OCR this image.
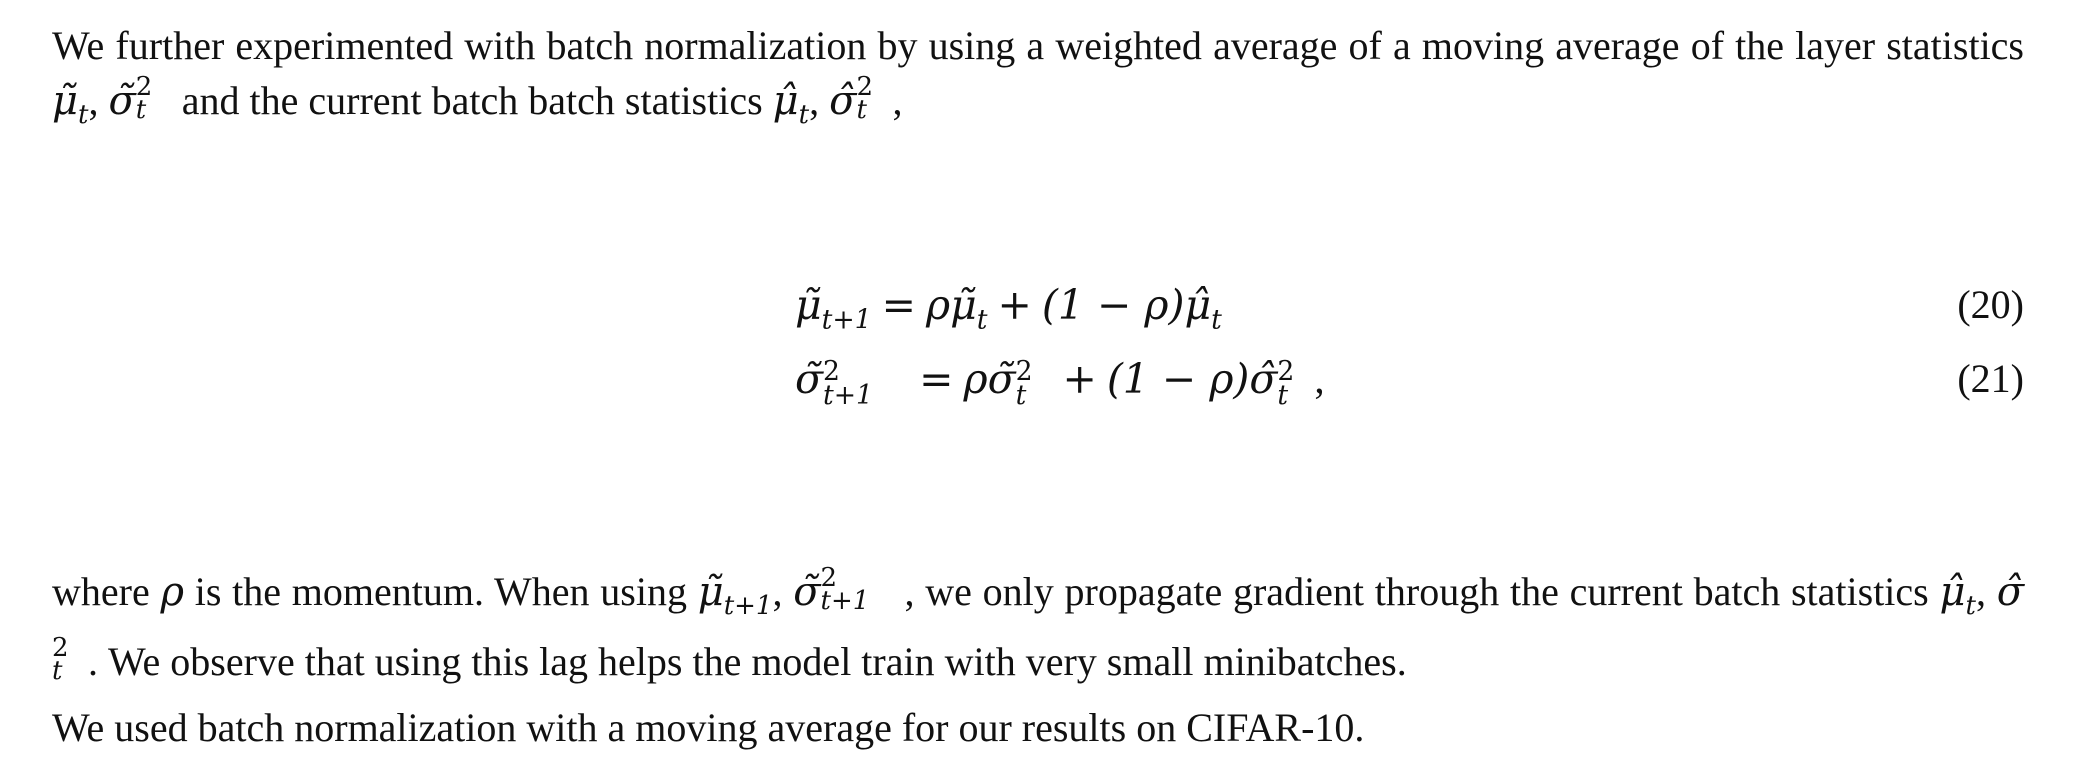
We further experimented with batch normalization by using a weighted average of a moving average of the layer statistics $\mũ_t$, σ̃ 2
t and the current batch batch statistics $\mû_t$, σ̂ 2
t ,
$\mũ_{t+1}$ = $\rho\mũ_t + (1$ − $\rho)\mû_t$	(20)
σ̃ 2
t+1 = ρσ̃ 2
t + (1 − ρ)σ̂ 2
t ,	(21)
where ρ is the momentum. When using $\mũ_{t+1}$, σ̃ 2
t+1 , we only propagate gradient through the current batch statistics $\mû_t$, σ̂
2
t . We observe that using this lag helps the model train with very small minibatches.
We used batch normalization with a moving average for our results on CIFAR-10.
